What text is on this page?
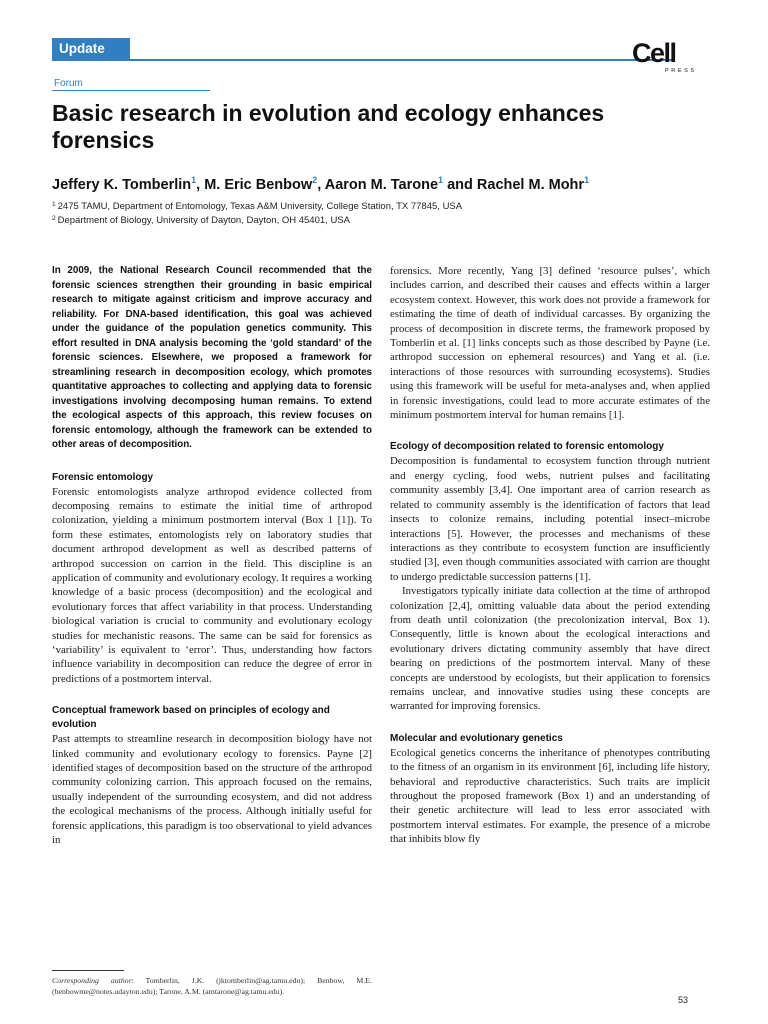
Update	Cell
PRESS
Forum
Basic research in evolution and ecology enhances forensics
Jeffery K. Tomberlin$^1$, M. Eric Benbow$^2$, Aaron M. Tarone$^1$ and Rachel M. Mohr$^1$
$^1$ 2475 TAMU, Department of Entomology, Texas A&M University, College Station, TX 77845, USA
$^2$ Department of Biology, University of Dayton, Dayton, OH 45401, USA

In 2009, the National Research Council recommended that the forensic sciences strengthen their grounding in basic empirical research to mitigate against criticism and improve accuracy and reliability. For DNA-based identification, this goal was achieved under the guidance of the population genetics community. This effort resulted in DNA analysis becoming the ‘gold standard’ of the forensic sciences. Elsewhere, we proposed a framework for streamlining research in decomposition ecology, which promotes quantitative approaches to collecting and applying data to forensic investigations involving decomposing human remains. To extend the ecological aspects of this approach, this review focuses on forensic entomology, although the framework can be extended to other areas of decomposition.

Forensic entomology

Forensic entomologists analyze arthropod evidence collected from decomposing remains to estimate the initial time of arthropod colonization, yielding a minimum postmortem interval (Box 1 [1]). To form these estimates, entomologists rely on laboratory studies that document arthropod development as well as described patterns of arthropod succession on carrion in the field. This discipline is an application of community and evolutionary ecology. It requires a working knowledge of a basic process (decomposition) and the ecological and evolutionary forces that affect variability in that process. Understanding biological variation is crucial to community and evolutionary ecology studies for mechanistic reasons. The same can be said for forensics as ‘variability’ is equivalent to ‘error’. Thus, understanding how factors influence variability in decomposition can reduce the degree of error in predictions of a postmortem interval.

Conceptual framework based on principles of ecology and evolution

Past attempts to streamline research in decomposition biology have not linked community and evolutionary ecology to forensics. Payne [2] identified stages of decomposition based on the structure of the arthropod community colonizing carrion. This approach focused on the remains, usually independent of the surrounding ecosystem, and did not address the ecological mechanisms of the process. Although initially useful for forensic applications, this paradigm is too observational to yield advances in

forensics. More recently, Yang [3] defined ‘resource pulses’, which includes carrion, and described their causes and effects within a larger ecosystem context. However, this work does not provide a framework for estimating the time of death of individual carcasses. By organizing the process of decomposition in discrete terms, the framework proposed by Tomberlin et al. [1] links concepts such as those described by Payne (i.e. arthropod succession on ephemeral resources) and Yang et al. (i.e. interactions of those resources with surrounding ecosystems). Studies using this framework will be useful for meta-analyses and, when applied in forensic investigations, could lead to more accurate estimates of the minimum postmortem interval for human remains [1].

Ecology of decomposition related to forensic entomology

Decomposition is fundamental to ecosystem function through nutrient and energy cycling, food webs, nutrient pulses and facilitating community assembly [3,4]. One important area of carrion research as related to community assembly is the identification of factors that lead insects to colonize remains, including potential insect–microbe interactions [5]. However, the processes and mechanisms of these interactions as they contribute to ecosystem function are insufficiently studied [3], even though communities associated with carrion are thought to undergo predictable succession patterns [1].

Investigators typically initiate data collection at the time of arthropod colonization [2,4], omitting valuable data about the period extending from death until colonization (the precolonization interval, Box 1). Consequently, little is known about the ecological interactions and evolutionary drivers dictating community assembly that have direct bearing on predictions of the postmortem interval. Many of these concepts are understood by ecologists, but their application to forensics remains unclear, and innovative studies using these concepts are warranted for improving forensics.

Molecular and evolutionary genetics

Ecological genetics concerns the inheritance of phenotypes contributing to the fitness of an organism in its environment [6], including life history, behavioral and reproductive characteristics. Such traits are implicit throughout the proposed framework (Box 1) and an understanding of their genetic architecture will lead to less error associated with postmortem interval estimates. For example, the presence of a microbe that inhibits blow fly

Corresponding author: Tomberlin, J.K. (jktomberlin@ag.tamu.edu); Benbow, M.E. (benbowme@notes.udayton.edu); Tarone, A.M. (amtarone@ag.tamu.edu).
53
